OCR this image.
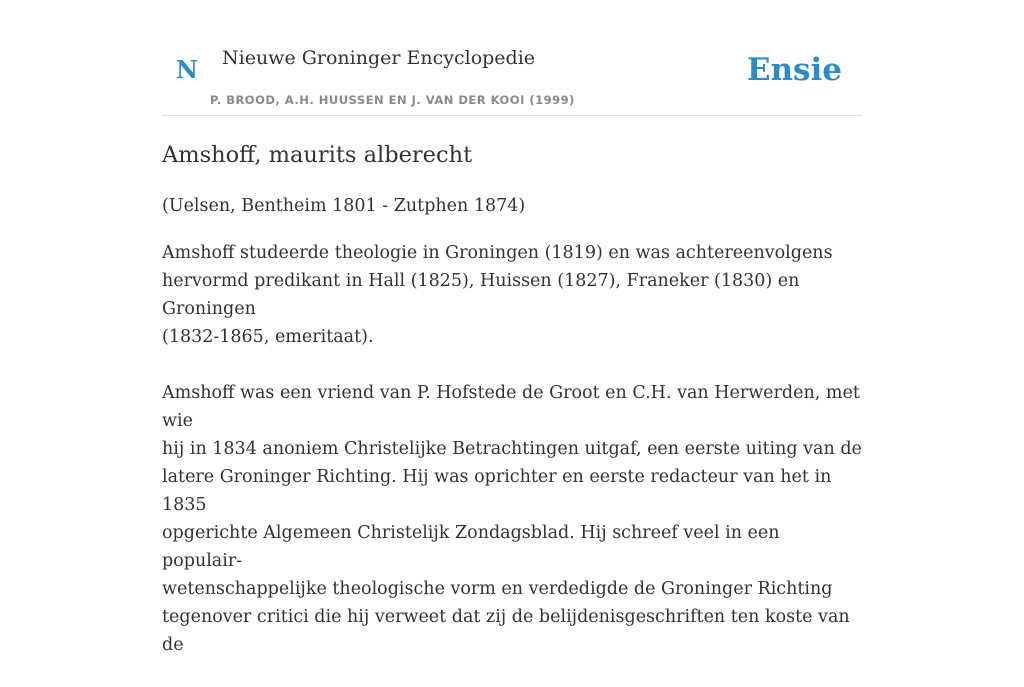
N Nieuwe Groninger Encyclopedie
P. BROOD, A.H. HUUSSEN EN J. VAN DER KOOI (1999)
Ensie
Amshoff, maurits alberecht

(Uelsen, Bentheim 1801 - Zutphen 1874)

Amshoff studeerde theologie in Groningen (1819) en was achtereenvolgens
hervormd predikant in Hall (1825), Huissen (1827), Franeker (1830) en Groningen
(1832-1865, emeritaat).

Amshoff was een vriend van P. Hofstede de Groot en C.H. van Herwerden, met wie
hij in 1834 anoniem Christelijke Betrachtingen uitgaf, een eerste uiting van de
latere Groninger Richting. Hij was oprichter en eerste redacteur van het in 1835
opgerichte Algemeen Christelijk Zondagsblad. Hij schreef veel in een populair-
wetenschappelijke theologische vorm en verdedigde de Groninger Richting
tegenover critici die hij verweet dat zij de belijdenisgeschriften ten koste van de
